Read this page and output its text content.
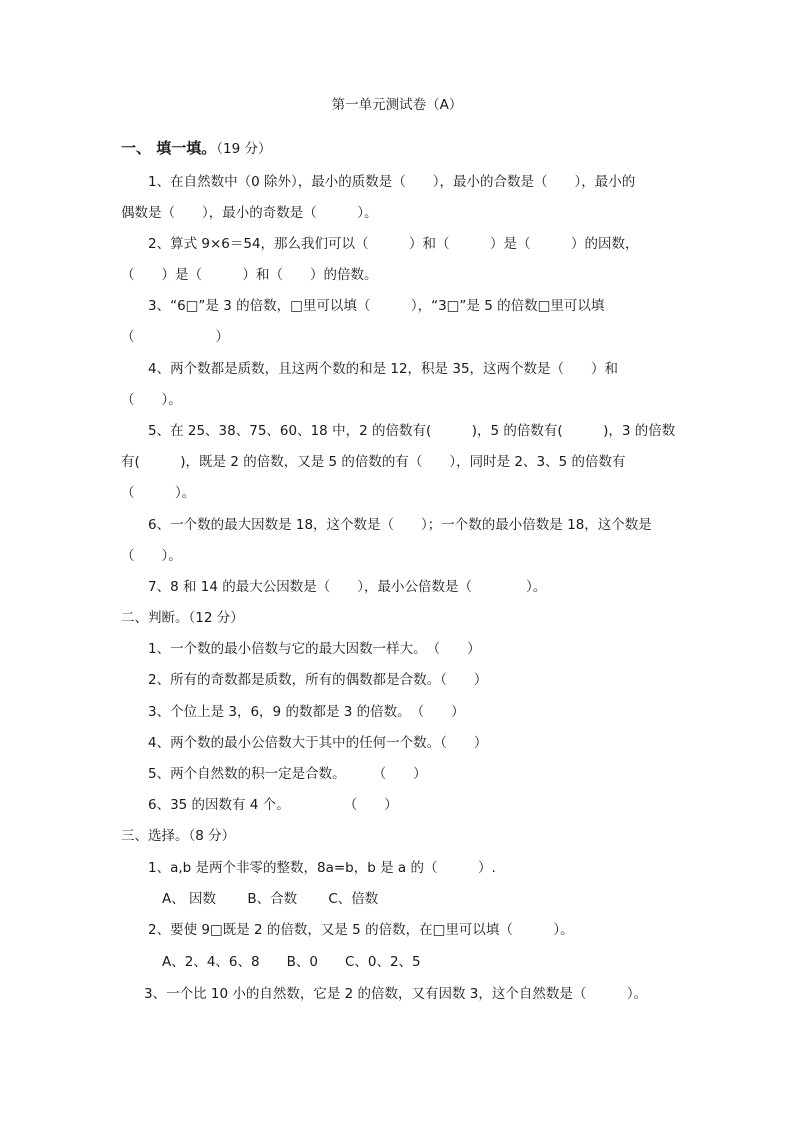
第一单元测试卷（A）
一、 填一填。（19 分）
1、在自然数中（0 除外），最小的质数是（　　），最小的合数是（　　），最小的
偶数是（　　），最小的奇数是（　　　）。
2、算式 9×6＝54，那么我们可以（　　　）和（　　　）是（　　　）的因数，
（　　）是（　　　）和（　　）的倍数。
3、“6□”是 3 的倍数，□里可以填（　　　），“3□”是 5 的倍数□里可以填
（　　　　　　）
4、两个数都是质数，且这两个数的和是 12，积是 35，这两个数是（　　）和
（　　）。
5、在 25、38、75、60、18 中，2 的倍数有(　　　)，5 的倍数有(　　　)，3 的倍数
有(　　　)，既是 2 的倍数，又是 5 的倍数的有（　　），同时是 2、3、5 的倍数有
（　　　）。
6、一个数的最大因数是 18，这个数是（　　）；一个数的最小倍数是 18，这个数是
（　　）。
7、8 和 14 的最大公因数是（　　），最小公倍数是（　　　　）。
二、判断。（12 分）
1、一个数的最小倍数与它的最大因数一样大。　（　　）
2、所有的奇数都是质数，所有的偶数都是合数。（　　）
3、个位上是 3，6，9 的数都是 3 的倍数。　（　　）
4、两个数的最小公倍数大于其中的任何一个数。（　　）
5、两个自然数的积一定是合数。　　　（　　）
6、35 的因数有 4 个。　　　　　（　　）
三、选择。（8 分）
1、a,b 是两个非零的整数，8a=b，b 是 a 的（　　　）.
A、 因数　　 B、合数　　 C、倍数
2、要使 9□既是 2 的倍数，又是 5 的倍数，在□里可以填（　　　）。
A、2、4、6、8　　B、0　　C、0、2、5
3、一个比 10 小的自然数，它是 2 的倍数，又有因数 3，这个自然数是（　　　）。
